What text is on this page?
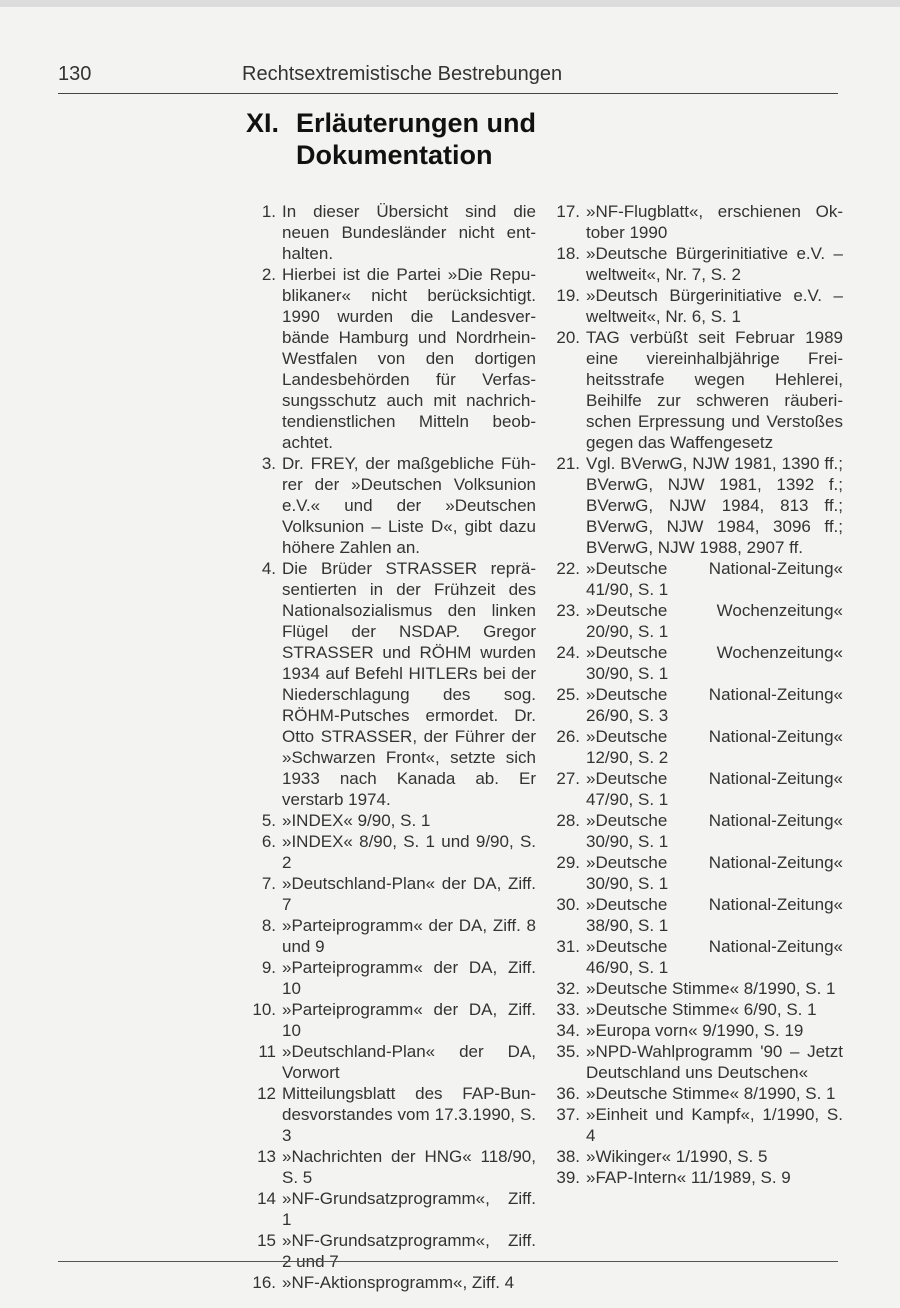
130	Rechtsextremistische Bestrebungen
XI. Erläuterungen und
Dokumentation
1. In dieser Übersicht sind die neuen Bundesländer nicht enthalten.
2. Hierbei ist die Partei »Die Republikaner« nicht berücksichtigt. 1990 wurden die Landesverbände Hamburg und Nordrhein-Westfalen von den dortigen Landesbehörden für Verfassungsschutz auch mit nachrichtendienstlichen Mitteln beobachtet.
3. Dr. FREY, der maßgebliche Führer der »Deutschen Volksunion e.V.« und der »Deutschen Volksunion – Liste D«, gibt dazu höhere Zahlen an.
4. Die Brüder STRASSER repräsentierten in der Frühzeit des Nationalsozialismus den linken Flügel der NSDAP. Gregor STRASSER und RÖHM wurden 1934 auf Befehl HITLERs bei der Niederschlagung des sog. RÖHM-Putsches ermordet. Dr. Otto STRASSER, der Führer der »Schwarzen Front«, setzte sich 1933 nach Kanada ab. Er verstarb 1974.
5. »INDEX« 9/90, S. 1
6. »INDEX« 8/90, S. 1 und 9/90, S. 2
7. »Deutschland-Plan« der DA, Ziff. 7
8. »Parteiprogramm« der DA, Ziff. 8 und 9
9. »Parteiprogramm« der DA, Ziff. 10
10. »Parteiprogramm« der DA, Ziff. 10
11 »Deutschland-Plan« der DA, Vorwort
12 Mitteilungsblatt des FAP-Bundesvorstandes vom 17.3.1990, S. 3
13 »Nachrichten der HNG« 118/90, S. 5
14 »NF-Grundsatzprogramm«, Ziff. 1
15 »NF-Grundsatzprogramm«, Ziff. 2 und 7
16. »NF-Aktionsprogramm«, Ziff. 4
17. »NF-Flugblatt«, erschienen Oktober 1990
18. »Deutsche Bürgerinitiative e.V. – weltweit«, Nr. 7, S. 2
19. »Deutsch Bürgerinitiative e.V. – weltweit«, Nr. 6, S. 1
20. TAG verbüßt seit Februar 1989 eine viereinhalbjährige Freiheitsstrafe wegen Hehlerei, Beihilfe zur schweren räuberischen Erpressung und Verstoßes gegen das Waffengesetz
21. Vgl. BVerwG, NJW 1981, 1390 ff.; BVerwG, NJW 1981, 1392 f.; BVerwG, NJW 1984, 813 ff.; BVerwG, NJW 1984, 3096 ff.; BVerwG, NJW 1988, 2907 ff.
22. »Deutsche National-Zeitung« 41/90, S. 1
23. »Deutsche Wochenzeitung« 20/90, S. 1
24. »Deutsche Wochenzeitung« 30/90, S. 1
25. »Deutsche National-Zeitung« 26/90, S. 3
26. »Deutsche National-Zeitung« 12/90, S. 2
27. »Deutsche National-Zeitung« 47/90, S. 1
28. »Deutsche National-Zeitung« 30/90, S. 1
29. »Deutsche National-Zeitung« 30/90, S. 1
30. »Deutsche National-Zeitung« 38/90, S. 1
31. »Deutsche National-Zeitung« 46/90, S. 1
32. »Deutsche Stimme« 8/1990, S. 1
33. »Deutsche Stimme« 6/90, S. 1
34. »Europa vorn« 9/1990, S. 19
35. »NPD-Wahlprogramm '90 – Jetzt Deutschland uns Deutschen«
36. »Deutsche Stimme« 8/1990, S. 1
37. »Einheit und Kampf«, 1/1990, S. 4
38. »Wikinger« 1/1990, S. 5
39. »FAP-Intern« 11/1989, S. 9
